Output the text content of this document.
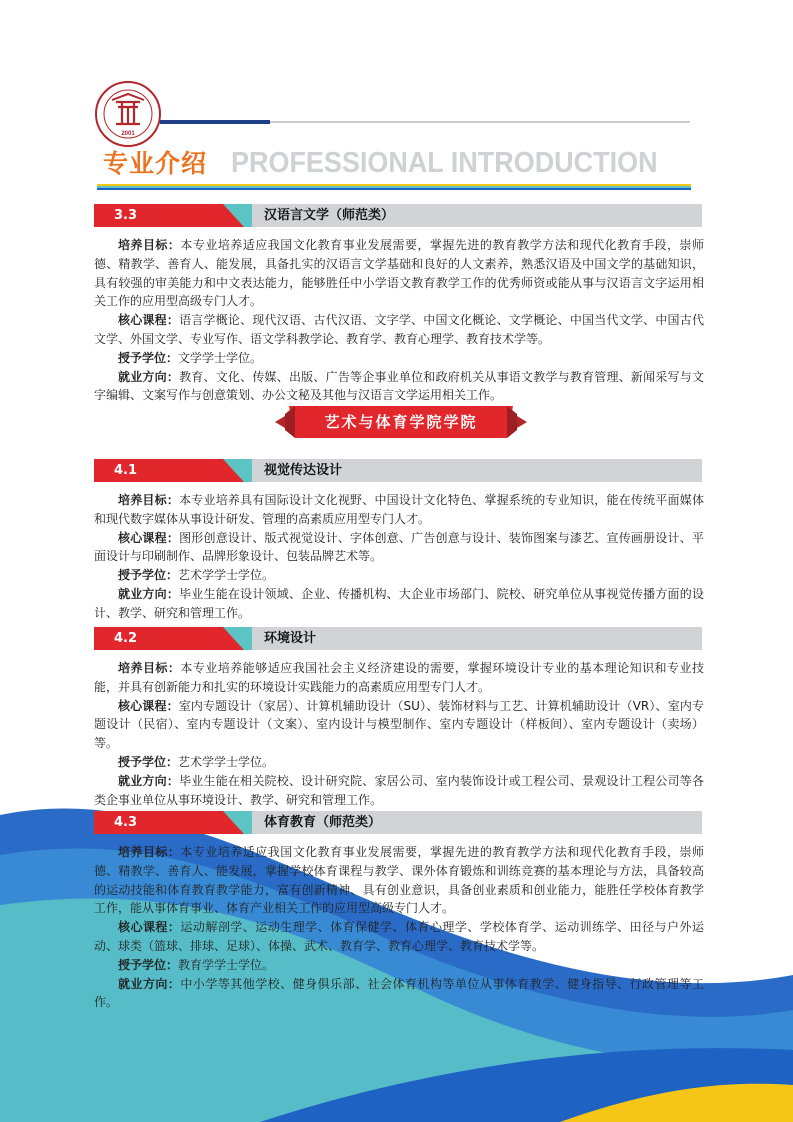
2001
专业介绍 PROFESSIONAL INTRODUCTION
3.3	汉语言文学（师范类）

培养目标：本专业培养适应我国文化教育事业发展需要，掌握先进的教育教学方法和现代化教育手段，崇师德、精教学、善育人、能发展，具备扎实的汉语言文学基础和良好的人文素养，熟悉汉语及中国文学的基础知识，具有较强的审美能力和中文表达能力，能够胜任中小学语文教育教学工作的优秀师资或能从事与汉语言文字运用相关工作的应用型高级专门人才。

核心课程：语言学概论、现代汉语、古代汉语、文字学、中国文化概论、文学概论、中国当代文学、中国古代文学、外国文学、专业写作、语文学科教学论、教育学、教育心理学、教育技术学等。

授予学位：文学学士学位。

就业方向：教育、文化、传媒、出版、广告等企事业单位和政府机关从事语文教学与教育管理、新闻采写与文字编辑、文案写作与创意策划、办公文秘及其他与汉语言文学运用相关工作。

艺术与体育学院学院
4.1	视觉传达设计

培养目标：本专业培养具有国际设计文化视野、中国设计文化特色、掌握系统的专业知识，能在传统平面媒体和现代数字媒体从事设计研发、管理的高素质应用型专门人才。

核心课程：图形创意设计、版式视觉设计、字体创意、广告创意与设计、装饰图案与漆艺、宣传画册设计、平面设计与印刷制作、品牌形象设计、包装品牌艺术等。

授予学位：艺术学学士学位。

就业方向：毕业生能在设计领域、企业、传播机构、大企业市场部门、院校、研究单位从事视觉传播方面的设计、教学、研究和管理工作。

4.2	环境设计

培养目标：本专业培养能够适应我国社会主义经济建设的需要，掌握环境设计专业的基本理论知识和专业技能，并具有创新能力和扎实的环境设计实践能力的高素质应用型专门人才。

核心课程：室内专题设计（家居）、计算机辅助设计（SU）、装饰材料与工艺、计算机辅助设计（VR）、室内专题设计（民宿）、室内专题设计（文案）、室内设计与模型制作、室内专题设计（样板间）、室内专题设计（卖场）等。

授予学位：艺术学学士学位。

就业方向：毕业生能在相关院校、设计研究院、家居公司、室内装饰设计或工程公司、景观设计工程公司等各类企事业单位从事环境设计、教学、研究和管理工作。

4.3	体育教育（师范类）

培养目标：本专业培养适应我国文化教育事业发展需要，掌握先进的教育教学方法和现代化教育手段，崇师德、精教学、善育人、能发展，掌握学校体育课程与教学、课外体育锻炼和训练竞赛的基本理论与方法，具备较高的运动技能和体育教育教学能力，富有创新精神、具有创业意识，具备创业素质和创业能力，能胜任学校体育教学工作，能从事体育事业、体育产业相关工作的应用型高级专门人才。

核心课程：运动解剖学、运动生理学、体育保健学、体育心理学、学校体育学、运动训练学、田径与户外运动、球类（篮球、排球、足球）、体操、武术、教育学、教育心理学、教育技术学等。

授予学位：教育学学士学位。

就业方向：中小学等其他学校、健身俱乐部、社会体育机构等单位从事体育教学、健身指导、行政管理等工作。
